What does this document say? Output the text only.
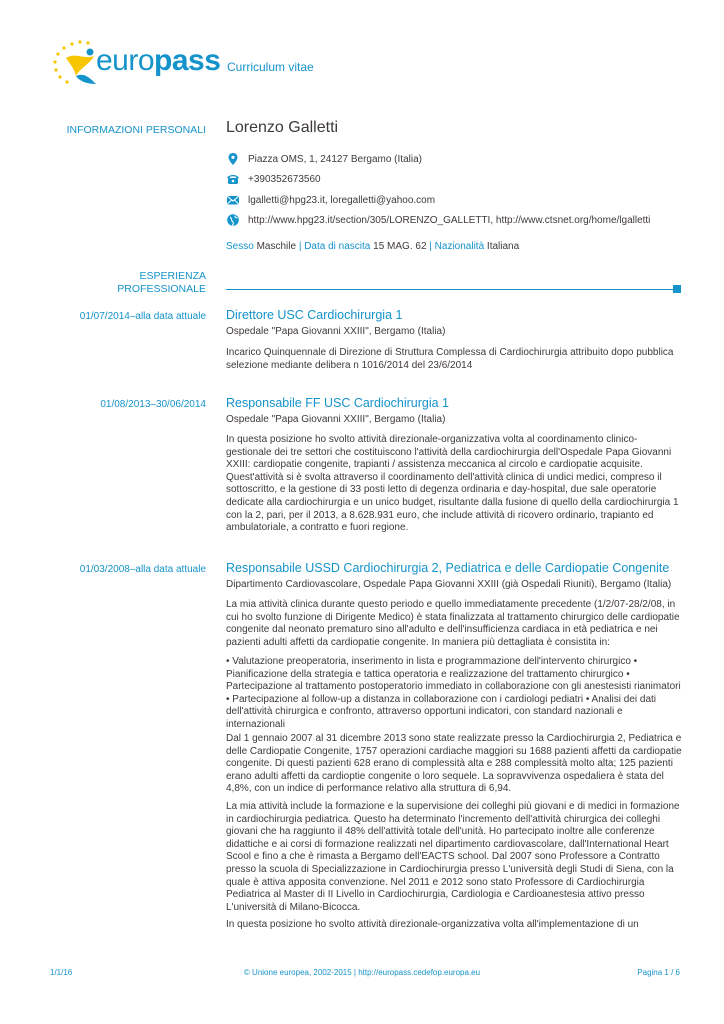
europass Curriculum vitae
INFORMAZIONI PERSONALI Lorenzo Galletti
Piazza OMS, 1, 24127 Bergamo (Italia)
+390352673560
lgalletti@hpg23.it, loregalletti@yahoo.com
http://www.hpg23.it/section/305/LORENZO_GALLETTI, http://www.ctsnet.org/home/lgalletti
Sesso Maschile | Data di nascita 15 MAG. 62 | Nazionalità Italiana
ESPERIENZA
PROFESSIONALE
01/07/2014–alla data attuale Direttore USC Cardiochirurgia 1
Ospedale "Papa Giovanni XXIII", Bergamo (Italia)
Incarico Quinquennale di Direzione di Struttura Complessa di Cardiochirurgia attribuito dopo pubblica selezione mediante delibera n 1016/2014 del 23/6/2014
01/08/2013–30/06/2014 Responsabile FF USC Cardiochirurgia 1
Ospedale "Papa Giovanni XXIII", Bergamo (Italia)
In questa posizione ho svolto attività direzionale-organizzativa volta al coordinamento clinico-gestionale dei tre settori che costituiscono l'attività della cardiochirurgia dell'Ospedale Papa Giovanni XXIII: cardiopatie congenite, trapianti / assistenza meccanica al circolo e cardiopatie acquisite. Quest'attività si è svolta attraverso il coordinamento dell'attività clinica di undici medici, compreso il sottoscritto, e la gestione di 33 posti letto di degenza ordinaria e day-hospital, due sale operatorie dedicate alla cardiochirurgia e un unico budget, risultante dalla fusione di quello della cardiochirurgia 1 con la 2, pari, per il 2013, a 8.628.931 euro, che include attività di ricovero ordinario, trapianto ed ambulatoriale, a contratto e fuori regione.
01/03/2008–alla data attuale Responsabile USSD Cardiochirurgia 2, Pediatrica e delle Cardiopatie Congenite
Dipartimento Cardiovascolare, Ospedale Papa Giovanni XXIII (già Ospedali Riuniti), Bergamo (Italia)
La mia attività clinica durante questo periodo e quello immediatamente precedente (1/2/07-28/2/08, in cui ho svolto funzione di Dirigente Medico) è stata finalizzata al trattamento chirurgico delle cardiopatie congenite dal neonato prematuro sino all'adulto e dell'insufficienza cardiaca in età pediatrica e nei pazienti adulti affetti da cardiopatie congenite. In maniera più dettagliata è consistita in:
• Valutazione preoperatoria, inserimento in lista e programmazione dell'intervento chirurgico • Pianificazione della strategia e tattica operatoria e realizzazione del trattamento chirurgico • Partecipazione al trattamento postoperatorio immediato in collaborazione con gli anestesisti rianimatori • Partecipazione al follow-up a distanza in collaborazione con i cardiologi pediatri • Analisi dei dati dell'attività chirurgica e confronto, attraverso opportuni indicatori, con standard nazionali e internazionali
Dal 1 gennaio 2007 al 31 dicembre 2013 sono state realizzate presso la Cardiochirurgia 2, Pediatrica e delle Cardiopatie Congenite, 1757 operazioni cardiache maggiori su 1688 pazienti affetti da cardiopatie congenite. Di questi pazienti 628 erano di complessità alta e 288 complessità molto alta; 125 pazienti erano adulti affetti da cardioptie congenite o loro sequele. La sopravvivenza ospedaliera è stata del 4,8%, con un indice di performance relativo alla struttura di 6,94.
La mia attività include la formazione e la supervisione dei colleghi più giovani e di medici in formazione in cardiochirurgia pediatrica. Questo ha determinato l'incremento dell'attività chirurgica dei colleghi giovani che ha raggiunto il 48% dell'attività totale dell'unità. Ho partecipato inoltre alle conferenze didattiche e ai corsi di formazione realizzati nel dipartimento cardiovascolare, dall'International Heart Scool e fino a che è rimasta a Bergamo dell'EACTS school. Dal 2007 sono Professore a Contratto presso la scuola di Specializzazione in Cardiochirurgia presso L'università degli Studi di Siena, con la quale è attiva apposita convenzione. Nel 2011 e 2012 sono stato Professore di Cardiochirurgia Pediatrica al Master di II Livello in Cardiochirurgia, Cardiologia e Cardioanestesia attivo presso L'università di Milano-Bicocca.
In questa posizione ho svolto attività direzionale-organizzativa volta all'implementazione di un
1/1/16	© Unione europea, 2002-2015 | http://europass.cedefop.europa.eu	Pagina 1 / 6
